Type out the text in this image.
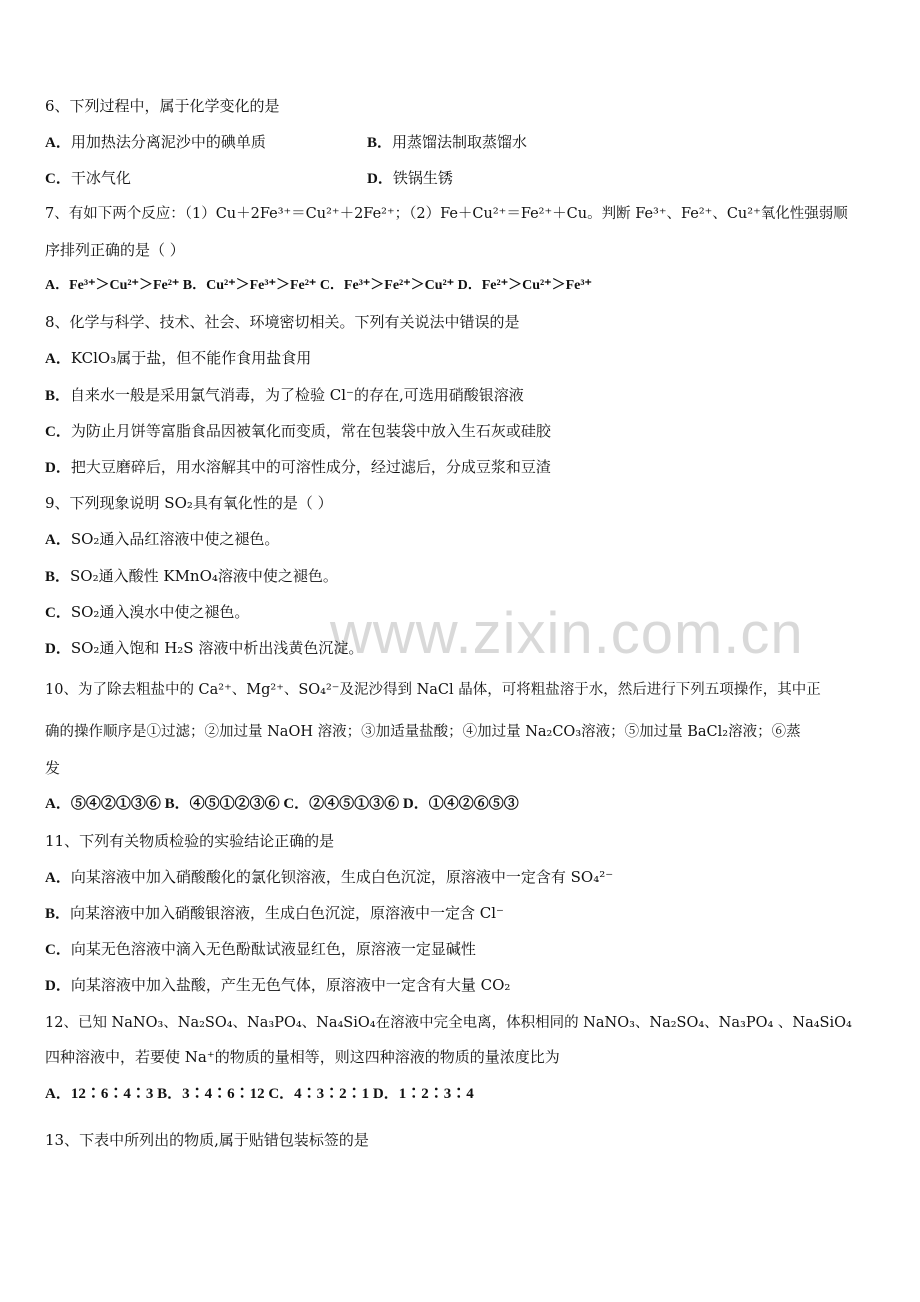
www.zixin.com.cn
6、下列过程中，属于化学变化的是
A．用加热法分离泥沙中的碘单质	B．用蒸馏法制取蒸馏水
C．干冰气化	D．铁锅生锈
7、有如下两个反应：（1）Cu＋2Fe³⁺＝Cu²⁺＋2Fe²⁺；（2）Fe＋Cu²⁺＝Fe²⁺＋Cu。判断 Fe³⁺、Fe²⁺、Cu²⁺氧化性强弱顺
序排列正确的是（ ）
A．Fe³⁺＞Cu²⁺＞Fe²⁺ B．Cu²⁺＞Fe³⁺＞Fe²⁺ C．Fe³⁺＞Fe²⁺＞Cu²⁺ D．Fe²⁺＞Cu²⁺＞Fe³⁺
8、化学与科学、技术、社会、环境密切相关。下列有关说法中错误的是
A．KClO₃属于盐，但不能作食用盐食用
B．自来水一般是采用氯气消毒，为了检验 Cl⁻的存在,可选用硝酸银溶液
C．为防止月饼等富脂食品因被氧化而变质，常在包装袋中放入生石灰或硅胶
D．把大豆磨碎后，用水溶解其中的可溶性成分，经过滤后，分成豆浆和豆渣
9、下列现象说明 SO₂具有氧化性的是（ ）
A．SO₂通入品红溶液中使之褪色。
B．SO₂通入酸性 KMnO₄溶液中使之褪色。
C．SO₂通入溴水中使之褪色。
D．SO₂通入饱和 H₂S 溶液中析出浅黄色沉淀。
10、为了除去粗盐中的 Ca²⁺、Mg²⁺、SO₄²⁻及泥沙得到 NaCl 晶体，可将粗盐溶于水，然后进行下列五项操作，其中正
确的操作顺序是①过滤；②加过量 NaOH 溶液；③加适量盐酸；④加过量 Na₂CO₃溶液；⑤加过量 BaCl₂溶液；⑥蒸
发
A．⑤④②①③⑥ B．④⑤①②③⑥ C．②④⑤①③⑥ D．①④②⑥⑤③
11、下列有关物质检验的实验结论正确的是
A．向某溶液中加入硝酸酸化的氯化钡溶液，生成白色沉淀，原溶液中一定含有 SO₄²⁻
B．向某溶液中加入硝酸银溶液，生成白色沉淀，原溶液中一定含 Cl⁻
C．向某无色溶液中滴入无色酚酞试液显红色，原溶液一定显碱性
D．向某溶液中加入盐酸，产生无色气体，原溶液中一定含有大量 CO₂
12、已知 NaNO₃、Na₂SO₄、Na₃PO₄、Na₄SiO₄在溶液中完全电离，体积相同的 NaNO₃、Na₂SO₄、Na₃PO₄ 、Na₄SiO₄
四种溶液中，若要使 Na⁺的物质的量相等，则这四种溶液的物质的量浓度比为
A．12∶6∶4∶3 B．3∶4∶6∶12 C．4∶3∶2∶1 D．1∶2∶3∶4
13、下表中所列出的物质,属于贴错包装标签的是
